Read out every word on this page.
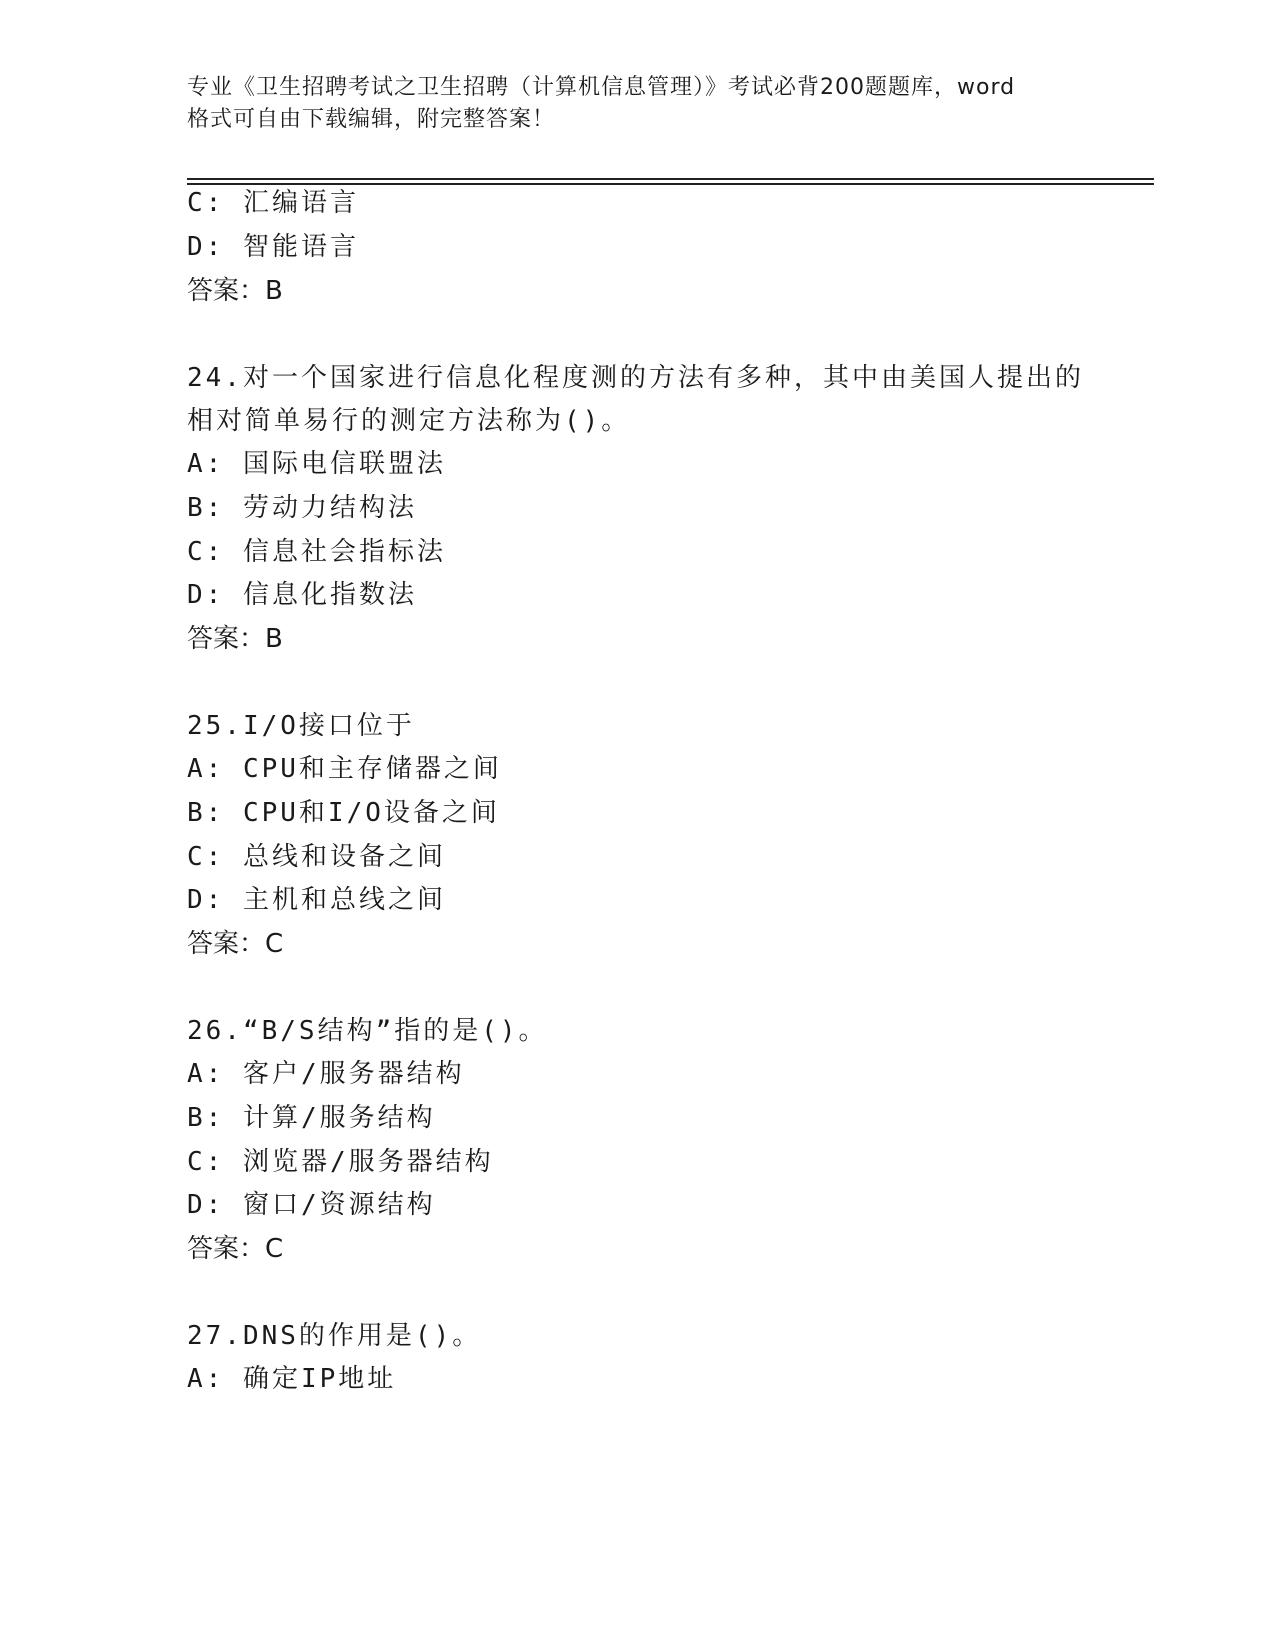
专业《卫生招聘考试之卫生招聘（计算机信息管理）》考试必背200题题库，word
格式可自由下载编辑，附完整答案！
C: 汇编语言
D: 智能语言
答案：B
24.对一个国家进行信息化程度测的方法有多种，其中由美国人提出的
相对简单易行的测定方法称为()。
A: 国际电信联盟法
B: 劳动力结构法
C: 信息社会指标法
D: 信息化指数法
答案：B
25.I/O接口位于
A: CPU和主存储器之间
B: CPU和I/O设备之间
C: 总线和设备之间
D: 主机和总线之间
答案：C
26.“B/S结构”指的是()。
A: 客户/服务器结构
B: 计算/服务结构
C: 浏览器/服务器结构
D: 窗口/资源结构
答案：C
27.DNS的作用是()。
A: 确定IP地址
